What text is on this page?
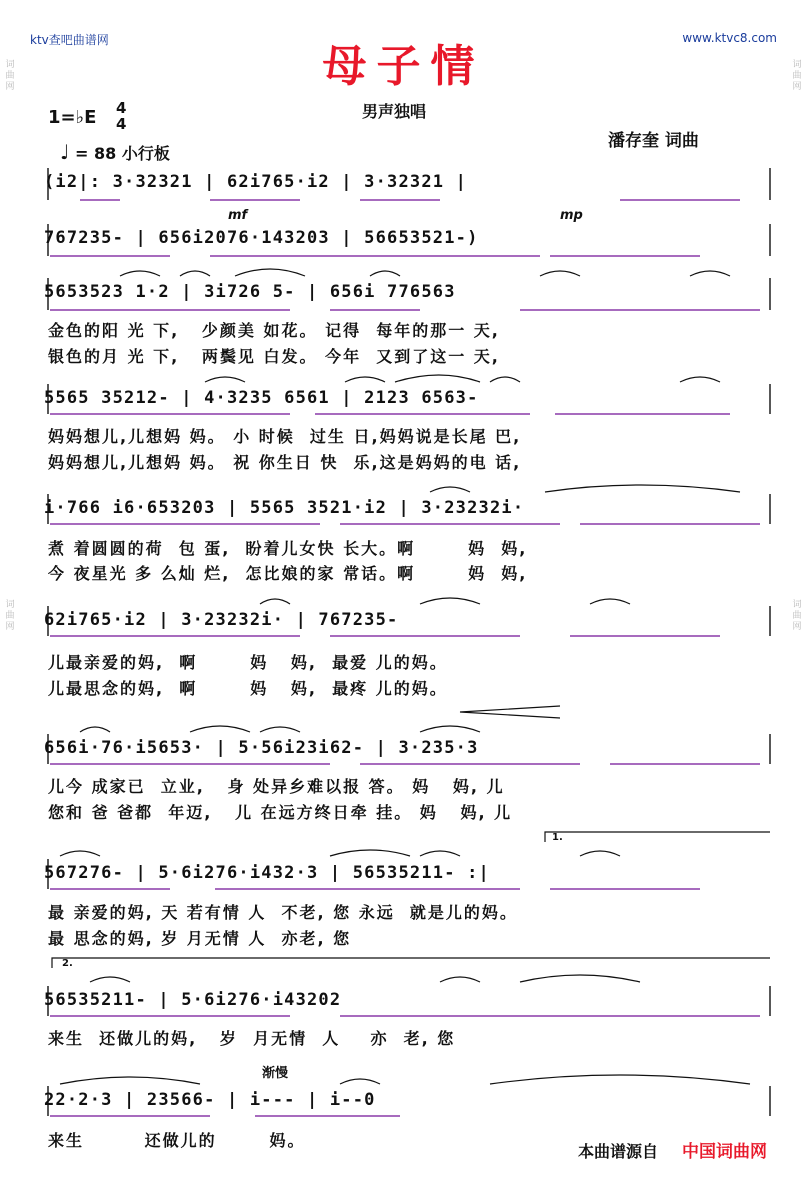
ktv查吧曲谱网	www.ktvc8.com
母子情
词曲网
词曲网
词曲网
词曲网
1=♭E 4
4
男声独唱
潘存奎 词曲
♩ = 88 小行板
mf	mp
1.
2.
渐慢
(i2|: 3·32321 | 62i765·i2 | 3·32321 |
767235- | 656i2076·143203 | 56653521-)
5653523 1·2 | 3i726 5- | 656i 776563
金色的阳 光 下,   少颜美 如花。 记得  每年的那一 天,
银色的月 光 下,   两鬓见 白发。 今年  又到了这一 天,
5565 35212- | 4·3235 6561 | 2123 6563-
妈妈想儿,儿想妈 妈。 小 时候  过生 日,妈妈说是长尾 巴,
妈妈想儿,儿想妈 妈。 祝 你生日 快  乐,这是妈妈的电 话,
i·766 i6·653203 | 5565 3521·i2 | 3·23232i·
煮 着圆圆的荷  包 蛋,  盼着儿女快 长大。啊       妈  妈,
今 夜星光 多 么灿 烂,  怎比娘的家 常话。啊       妈  妈,
62i765·i2 | 3·23232i· | 767235-
儿最亲爱的妈,  啊       妈   妈,  最爱 儿的妈。
儿最思念的妈,  啊       妈   妈,  最疼 儿的妈。
656i·76·i5653· | 5·56i23i62- | 3·235·3
儿今 成家已  立业,   身 处异乡难以报 答。 妈   妈, 儿
您和 爸 爸都  年迈,   儿 在远方终日牵 挂。 妈   妈, 儿
567276- | 5·6i276·i432·3 | 56535211- :|
最 亲爱的妈, 天 若有情 人  不老, 您 永远  就是儿的妈。
最 思念的妈, 岁 月无情 人  亦老, 您
56535211- | 5·6i276·i43202
来生  还做儿的妈,   岁  月无情  人    亦  老, 您
22·2·3 | 23566- | i--- | i--0
来生        还做儿的       妈。
本曲谱源自 中国词曲网
